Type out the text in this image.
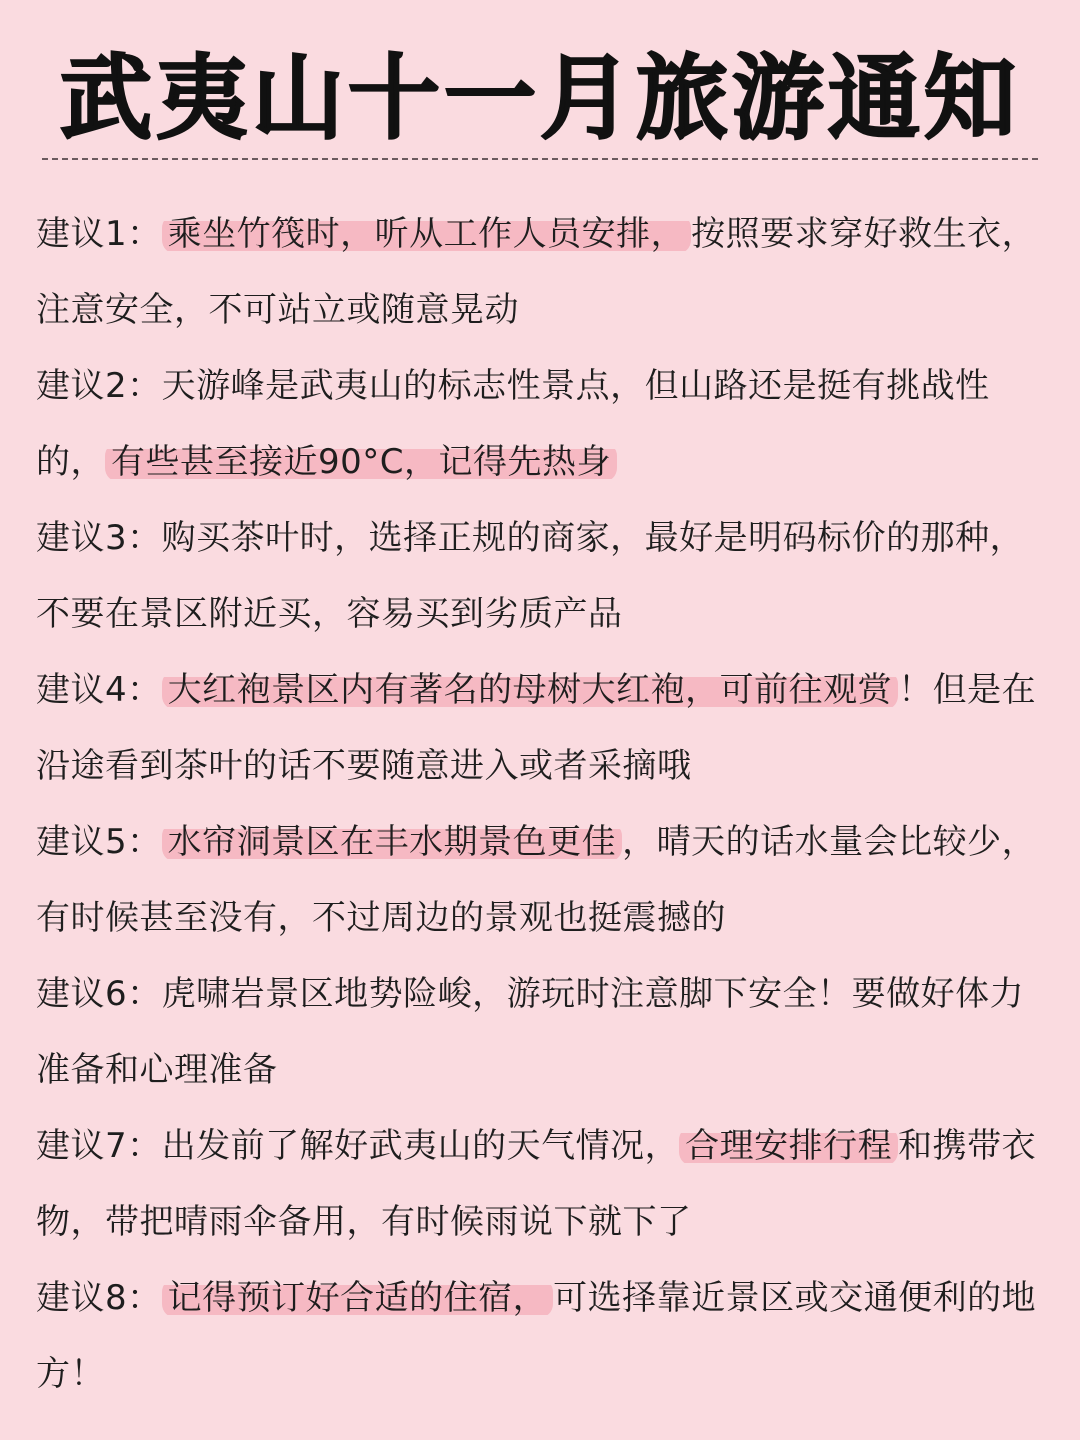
武夷山十一月旅游通知
建议1： 乘坐竹筏时，听从工作人员安排， 按照要求穿好救生衣，注意安全，不可站立或随意晃动
建议2：天游峰是武夷山的标志性景点，但山路还是挺有挑战性的， 有些甚至接近90°C，记得先热身
建议3：购买茶叶时，选择正规的商家，最好是明码标价的那种，不要在景区附近买，容易买到劣质产品
建议4： 大红袍景区内有著名的母树大红袍，可前往观赏 ！但是在沿途看到茶叶的话不要随意进入或者采摘哦
建议5： 水帘洞景区在丰水期景色更佳 ，晴天的话水量会比较少，有时候甚至没有，不过周边的景观也挺震撼的
建议6：虎啸岩景区地势险峻，游玩时注意脚下安全！要做好体力准备和心理准备
建议7：出发前了解好武夷山的天气情况， 合理安排行程 和携带衣物，带把晴雨伞备用，有时候雨说下就下了
建议8： 记得预订好合适的住宿， 可选择靠近景区或交通便利的地方！
